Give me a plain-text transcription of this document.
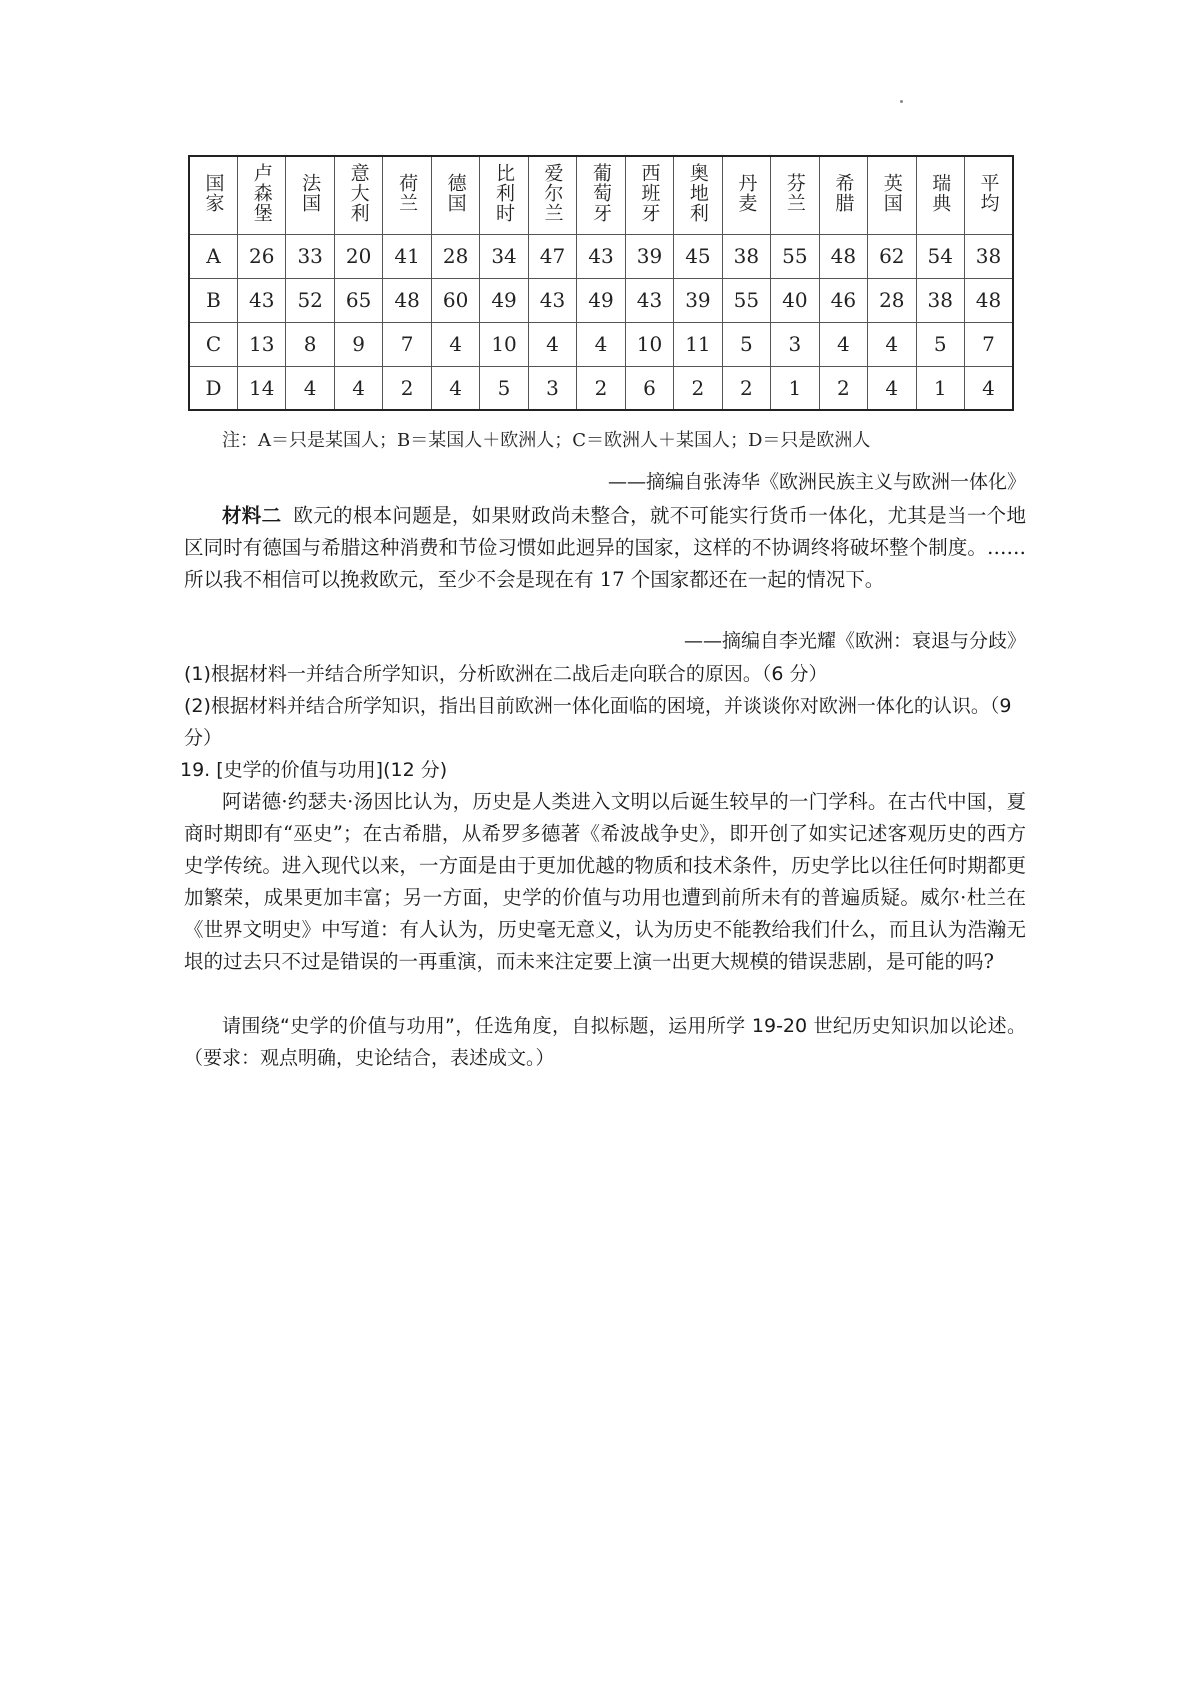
国家	卢森堡	法国	意大利	荷兰	德国	比利时	爱尔兰	葡萄牙	西班牙	奥地利	丹麦	芬兰	希腊	英国	瑞典	平均
A	26	33	20	41	28	34	47	43	39	45	38	55	48	62	54	38
B	43	52	65	48	60	49	43	49	43	39	55	40	46	28	38	48
C	13	8	9	7	4	10	4	4	10	11	5	3	4	4	5	7
D	14	4	4	2	4	5	3	2	6	2	2	1	2	4	1	4
注：A＝只是某国人；B＝某国人＋欧洲人；C＝欧洲人＋某国人；D＝只是欧洲人
——摘编自张涛华《欧洲民族主义与欧洲一体化》
材料二 欧元的根本问题是，如果财政尚未整合，就不可能实行货币一体化，尤其是当一个地区同时有德国与希腊这种消费和节俭习惯如此迥异的国家，这样的不协调终将破坏整个制度。……所以我不相信可以挽救欧元，至少不会是现在有 17 个国家都还在一起的情况下。
——摘编自李光耀《欧洲：衰退与分歧》
(1)根据材料一并结合所学知识，分析欧洲在二战后走向联合的原因。（6 分）
(2)根据材料并结合所学知识，指出目前欧洲一体化面临的困境，并谈谈你对欧洲一体化的认识。（9 分）
19. [史学的价值与功用](12 分)
阿诺德·约瑟夫·汤因比认为，历史是人类进入文明以后诞生较早的一门学科。在古代中国，夏商时期即有“巫史”；在古希腊，从希罗多德著《希波战争史》，即开创了如实记述客观历史的西方史学传统。进入现代以来，一方面是由于更加优越的物质和技术条件，历史学比以往任何时期都更加繁荣，成果更加丰富；另一方面，史学的价值与功用也遭到前所未有的普遍质疑。威尔·杜兰在《世界文明史》中写道：有人认为，历史毫无意义，认为历史不能教给我们什么，而且认为浩瀚无垠的过去只不过是错误的一再重演，而未来注定要上演一出更大规模的错误悲剧，是可能的吗?
请围绕“史学的价值与功用”，任选角度，自拟标题，运用所学 19-20 世纪历史知识加以论述。（要求：观点明确，史论结合，表述成文。）
